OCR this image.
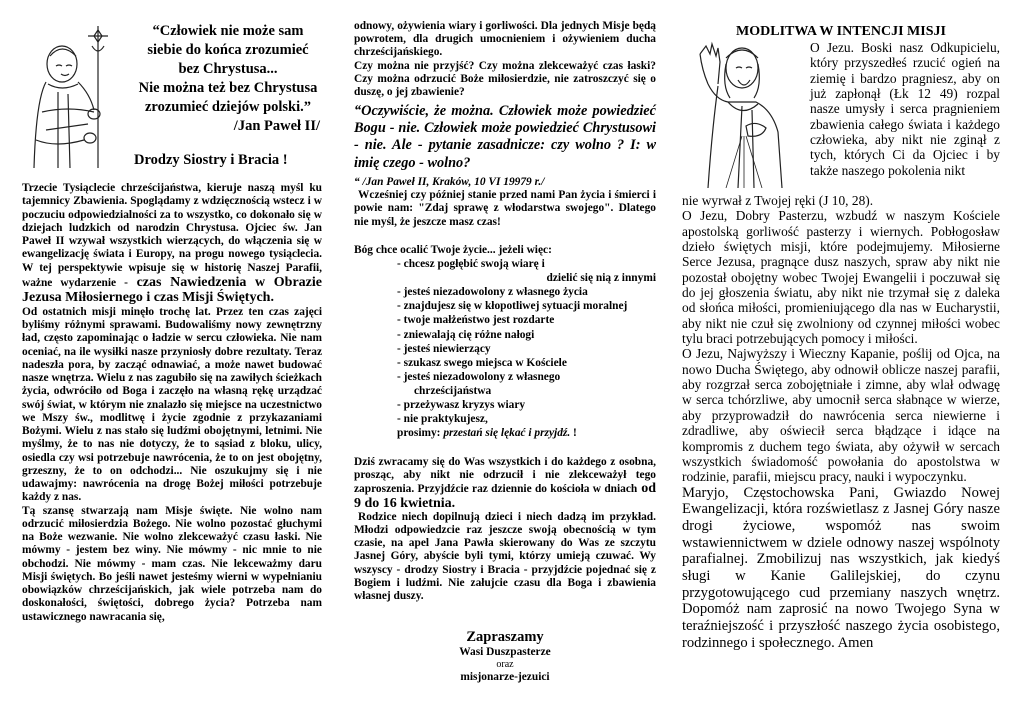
“Człowiek nie może sam

siebie do końca zrozumieć

bez Chrystusa...

Nie można też bez Chrystusa

zrozumieć dziejów polski.”

/Jan Paweł II/

Drodzy Siostry i Bracia !

Trzecie Tysiąclecie chrześcijaństwa, kieruje naszą myśl ku tajemnicy Zbawienia. Spoglądamy z wdzięcznością wstecz i w poczuciu odpowiedzialności za to wszystko, co dokonało się w dziejach ludzkich od narodzin Chrystusa. Ojciec św. Jan Paweł II wzywał wszystkich wierzących, do włączenia się w ewangelizację świata i Europy, na progu nowego tysiąclecia. W tej perspektywie wpisuje się w historię Naszej Parafii, ważne wydarzenie - czas Nawiedzenia w Obrazie Jezusa Miłosiernego i czas Misji Świętych.

Od ostatnich misji minęło trochę lat. Przez ten czas zajęci byliśmy różnymi sprawami. Budowaliśmy nowy zewnętrzny ład, często zapominając o ładzie w sercu człowieka. Nie nam oceniać, na ile wysiłki nasze przyniosły dobre rezultaty. Teraz nadeszła pora, by zacząć odnawiać, a może nawet budować nasze wnętrza. Wielu z nas zagubiło się na zawiłych ścieżkach życia, odwróciło od Boga i zaczęło na własną rękę urządzać swój świat, w którym nie znalazło się miejsce na uczestnictwo we Mszy św., modlitwę i życie zgodnie z przykazaniami Bożymi. Wielu z nas stało się ludźmi obojętnymi, letnimi. Nie myślmy, że to nas nie dotyczy, że to sąsiad z bloku, ulicy, osiedla czy wsi potrzebuje nawrócenia, że to on jest obojętny, grzeszny, że to on odchodzi... Nie oszukujmy się i nie udawajmy: nawrócenia na drogę Bożej miłości potrzebuje każdy z nas.

Tą szansę stwarzają nam Misje święte. Nie wolno nam odrzucić miłosierdzia Bożego. Nie wolno pozostać głuchymi na Boże wezwanie. Nie wolno zlekceważyć czasu łaski. Nie mówmy - jestem bez winy. Nie mówmy - nic mnie to nie obchodzi. Nie mówmy - mam czas. Nie lekceważmy daru Misji świętych. Bo jeśli nawet jesteśmy wierni w wypełnianiu obowiązków chrześcijańskich, jak wiele potrzeba nam do doskonałości, świętości, dobrego życia? Potrzeba nam ustawicznego nawracania się,

odnowy, ożywienia wiary i gorliwości. Dla jednych Misje będą powrotem, dla drugich umocnieniem i ożywieniem ducha chrześcijańskiego.

Czy można nie przyjść? Czy można zlekceważyć czas łaski? Czy można odrzucić Boże miłosierdzie, nie zatroszczyć się o duszę, o jej zbawienie?

“Oczywiście, że można. Człowiek może powiedzieć Bogu - nie. Człowiek może powiedzieć Chrystusowi - nie. Ale - pytanie zasadnicze: czy wolno ? I: w imię czego - wolno?

“ /Jan Paweł II, Kraków, 10 VI 19979 r./

Wcześniej czy później stanie przed nami Pan życia i śmierci i powie nam: "Zdaj sprawę z włodarstwa swojego". Dlatego nie myśl, że jeszcze masz czas!

Bóg chce ocalić Twoje życie... jeżeli więc:

- chcesz pogłębić swoją wiarę i

dzielić się nią z innymi

- jesteś niezadowolony z własnego życia

- znajdujesz się w kłopotliwej sytuacji moralnej

- twoje małżeństwo jest rozdarte

- zniewalają cię różne nałogi

- jesteś niewierzący

- szukasz swego miejsca w Kościele

- jesteś niezadowolony z własnego

chrześcijaństwa

- przeżywasz kryzys wiary

- nie praktykujesz,

prosimy: przestań się lękać i przyjdź. !

Dziś zwracamy się do Was wszystkich i do każdego z osobna, prosząc, aby nikt nie odrzucił i nie zlekceważył tego zaproszenia. Przyjdźcie raz dziennie do kościoła w dniach od 9 do 16 kwietnia.

Rodzice niech dopilnują dzieci i niech dadzą im przykład. Młodzi odpowiedzcie raz jeszcze swoją obecnością w tym czasie, na apel Jana Pawła skierowany do Was ze szczytu Jasnej Góry, abyście byli tymi, którzy umieją czuwać. Wy wszyscy - drodzy Siostry i Bracia - przyjdźcie pojednać się z Bogiem i ludźmi. Nie załujcie czasu dla Boga i zbawienia własnej duszy.

Zapraszamy

Wasi Duszpasterze

oraz

misjonarze-jezuici

MODLITWA W INTENCJI MISJI
O Jezu. Boski nasz Odkupicielu, który przyszedłeś rzucić ogień na ziemię i bardzo pragniesz, aby on już zapłonął (Łk 12 49) rozpal nasze umysły i serca pragnieniem zbawienia całego świata i każdego człowieka, aby nikt nie zginął z tych, których Ci da Ojciec i by także naszego pokolenia nikt

nie wyrwał z Twojej ręki (J 10, 28).

O Jezu, Dobry Pasterzu, wzbudź w naszym Kościele apostolską gorliwość pasterzy i wiernych. Pobłogosław dzieło świętych misji, które podejmujemy. Miłosierne Serce Jezusa, pragnące dusz naszych, spraw aby nikt nie pozostał obojętny wobec Twojej Ewangelii i poczuwał się do jej głoszenia światu, aby nikt nie trzymał się z daleka od słońca miłości, promieniującego dla nas w Eucharystii, aby nikt nie czuł się zwolniony od czynnej miłości wobec tylu braci potrzebujących pomocy i miłości.

O Jezu, Najwyższy i Wieczny Kapanie, poślij od Ojca, na nowo Ducha Świętego, aby odnowił oblicze naszej parafii, aby rozgrzał serca zobojętniałe i zimne, aby wlał odwagę w serca tchórzliwe, aby umocnił serca słabnące w wierze, aby przyprowadził do nawrócenia serca niewierne i zdradliwe, aby oświecił serca błądzące i idące na kompromis z duchem tego świata, aby ożywił w sercach wszystkich świadomość powołania do apostolstwa w rodzinie, parafii, miejscu pracy, nauki i wypoczynku.

Maryjo, Częstochowska Pani, Gwiazdo Nowej Ewangelizacji, która rozświetlasz z Jasnej Góry nasze drogi życiowe, wspomóż nas swoim wstawiennictwem w dziele odnowy naszej wspólnoty parafialnej. Zmobilizuj nas wszystkich, jak kiedyś sługi w Kanie Galilejskiej, do czynu przygotowującego cud przemiany naszych wnętrz. Dopomóż nam zaprosić na nowo Twojego Syna w teraźniejszość i przyszłość naszego życia osobistego, rodzinnego i społecznego. Amen
